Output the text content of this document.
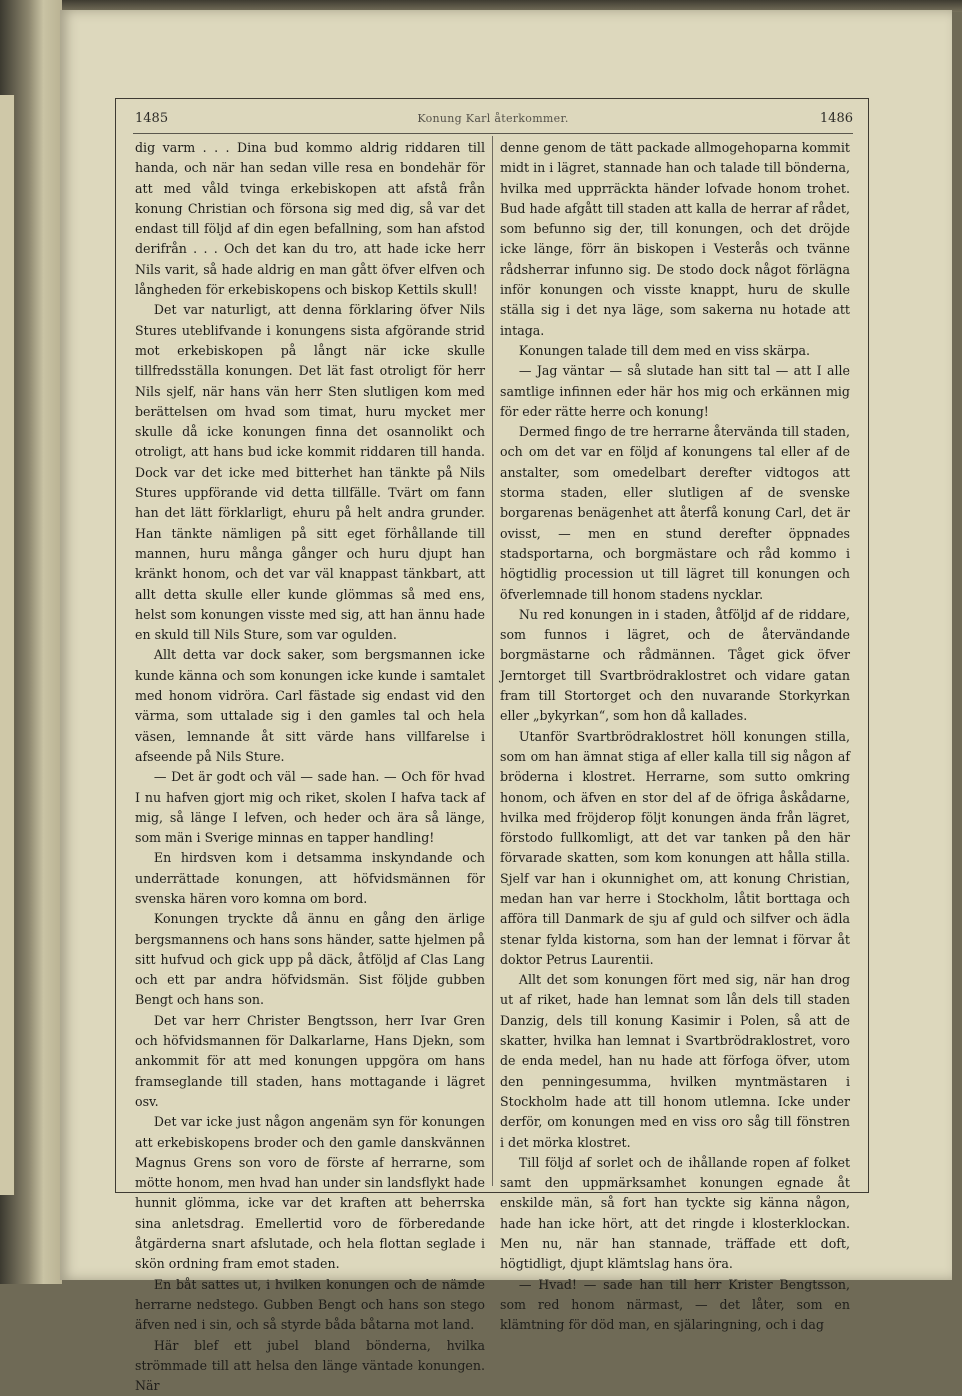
1485	Konung Karl återkommer.	1486

dig varm . . . Dina bud kommo aldrig riddaren till handa, och när han sedan ville resa en bondehär för att med våld tvinga erkebiskopen att afstå från konung Christian och försona sig med dig, så var det endast till följd af din egen befallning, som han afstod derifrån . . . Och det kan du tro, att hade icke herr Nils varit, så hade aldrig en man gått öfver elfven och långheden för erkebiskopens och biskop Kettils skull!

Det var naturligt, att denna förklaring öfver Nils Stures uteblifvande i konungens sista afgörande strid mot erkebiskopen på långt när icke skulle tillfredsställa konungen. Det lät fast otroligt för herr Nils sjelf, när hans vän herr Sten slutligen kom med berättelsen om hvad som timat, huru mycket mer skulle då icke konungen finna det osannolikt och otroligt, att hans bud icke kommit riddaren till handa. Dock var det icke med bitterhet han tänkte på Nils Stures uppförande vid detta tillfälle. Tvärt om fann han det lätt förklarligt, ehuru på helt andra grunder. Han tänkte nämligen på sitt eget förhållande till mannen, huru många gånger och huru djupt han kränkt honom, och det var väl knappast tänkbart, att allt detta skulle eller kunde glömmas så med ens, helst som konungen visste med sig, att han ännu hade en skuld till Nils Sture, som var ogulden.

Allt detta var dock saker, som bergsmannen icke kunde känna och som konungen icke kunde i samtalet med honom vidröra. Carl fästade sig endast vid den värma, som uttalade sig i den gamles tal och hela väsen, lemnande åt sitt värde hans villfarelse i afseende på Nils Sture.

— Det är godt och väl — sade han. — Och för hvad I nu hafven gjort mig och riket, skolen I hafva tack af mig, så länge I lefven, och heder och ära så länge, som män i Sverige minnas en tapper handling!

En hirdsven kom i detsamma inskyndande och underrättade konungen, att höfvidsmännen för svenska hären voro komna om bord.

Konungen tryckte då ännu en gång den ärlige bergsmannens och hans sons händer, satte hjelmen på sitt hufvud och gick upp på däck, åtföljd af Clas Lang och ett par andra höfvidsmän. Sist följde gubben Bengt och hans son.

Det var herr Christer Bengtsson, herr Ivar Gren och höfvidsmannen för Dalkarlarne, Hans Djekn, som ankommit för att med konungen uppgöra om hans framseglande till staden, hans mottagande i lägret osv.

Det var icke just någon angenäm syn för konungen att erkebiskopens broder och den gamle danskvännen Magnus Grens son voro de förste af herrarne, som mötte honom, men hvad han under sin landsflykt hade hunnit glömma, icke var det kraften att beherrska sina anletsdrag. Emellertid voro de förberedande åtgärderna snart afslutade, och hela flottan seglade i skön ordning fram emot staden.

En båt sattes ut, i hvilken konungen och de nämde herrarne nedstego. Gubben Bengt och hans son stego äfven ned i sin, och så styrde båda båtarna mot land.

Här blef ett jubel bland bönderna, hvilka strömmade till att helsa den länge väntade konungen. När

denne genom de tätt packade allmogehoparna kommit midt in i lägret, stannade han och talade till bönderna, hvilka med upprräckta händer lofvade honom trohet. Bud hade afgått till staden att kalla de herrar af rådet, som befunno sig der, till konungen, och det dröjde icke länge, förr än biskopen i Vesterås och tvänne rådsherrar infunno sig. De stodo dock något förlägna inför konungen och visste knappt, huru de skulle ställa sig i det nya läge, som sakerna nu hotade att intaga.

Konungen talade till dem med en viss skärpa.

— Jag väntar — så slutade han sitt tal — att I alle samtlige infinnen eder här hos mig och erkännen mig för eder rätte herre och konung!

Dermed fingo de tre herrarne återvända till staden, och om det var en följd af konungens tal eller af de anstalter, som omedelbart derefter vidtogos att storma staden, eller slutligen af de svenske borgarenas benägenhet att återfå konung Carl, det är ovisst, — men en stund derefter öppnades stadsportarna, och borgmästare och råd kommo i högtidlig procession ut till lägret till konungen och öfverlemnade till honom stadens nycklar.

Nu red konungen in i staden, åtföljd af de riddare, som funnos i lägret, och de återvändande borgmästarne och rådmännen. Tåget gick öfver Jerntorget till Svartbrödraklostret och vidare gatan fram till Stortorget och den nuvarande Storkyrkan eller „bykyrkan“, som hon då kallades.

Utanför Svartbrödraklostret höll konungen stilla, som om han ämnat stiga af eller kalla till sig någon af bröderna i klostret. Herrarne, som sutto omkring honom, och äfven en stor del af de öfriga åskådarne, hvilka med fröjderop följt konungen ända från lägret, förstodo fullkomligt, att det var tanken på den här förvarade skatten, som kom konungen att hålla stilla. Sjelf var han i okunnighet om, att konung Christian, medan han var herre i Stockholm, låtit borttaga och afföra till Danmark de sju af guld och silfver och ädla stenar fylda kistorna, som han der lemnat i förvar åt doktor Petrus Laurentii.

Allt det som konungen fört med sig, när han drog ut af riket, hade han lemnat som lån dels till staden Danzig, dels till konung Kasimir i Polen, så att de skatter, hvilka han lemnat i Svartbrödraklostret, voro de enda medel, han nu hade att förfoga öfver, utom den penningesumma, hvilken myntmästaren i Stockholm hade att till honom utlemna. Icke under derför, om konungen med en viss oro såg till fönstren i det mörka klostret.

Till följd af sorlet och de ihållande ropen af folket samt den uppmärksamhet konungen egnade åt enskilde män, så fort han tyckte sig känna någon, hade han icke hört, att det ringde i klosterklockan. Men nu, när han stannade, träffade ett doft, högtidligt, djupt klämtslag hans öra.

— Hvad! — sade han till herr Krister Bengtsson, som red honom närmast, — det låter, som en klämtning för död man, en själaringning, och i dag
